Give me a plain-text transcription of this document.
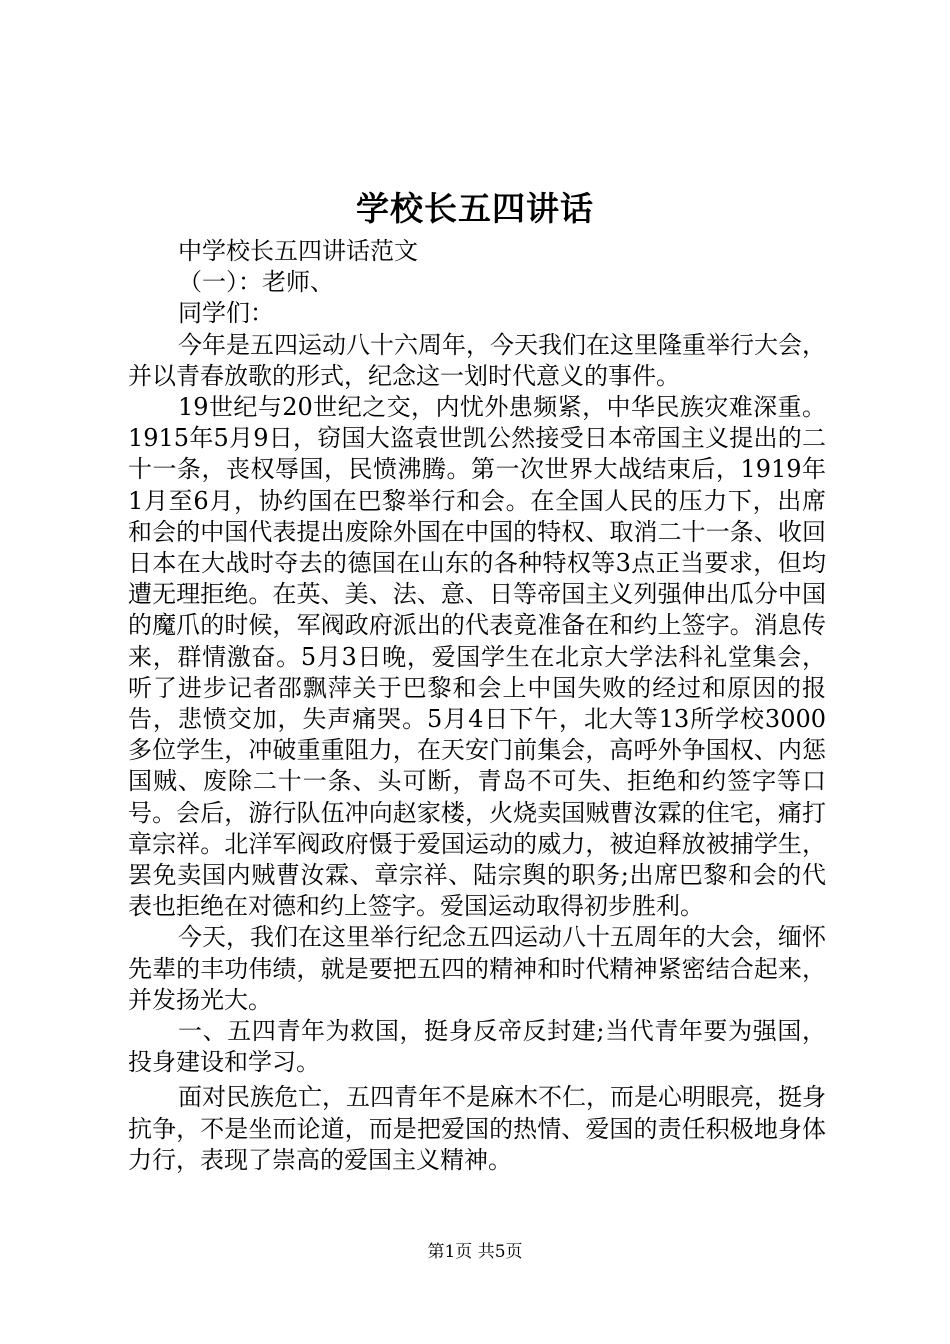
学校长五四讲话

中学校长五四讲话范文

（一）：老师、

同学们：

今年是五四运动八十六周年，今天我们在这里隆重举行大会，并以青春放歌的形式，纪念这一划时代意义的事件。

19世纪与20世纪之交，内忧外患频紧，中华民族灾难深重。1915年5月9日，窃国大盗袁世凯公然接受日本帝国主义提出的二十一条，丧权辱国，民愤沸腾。第一次世界大战结束后，1919年1月至6月，协约国在巴黎举行和会。在全国人民的压力下，出席和会的中国代表提出废除外国在中国的特权、取消二十一条、收回日本在大战时夺去的德国在山东的各种特权等3点正当要求，但均遭无理拒绝。在英、美、法、意、日等帝国主义列强伸出瓜分中国的魔爪的时候，军阀政府派出的代表竟准备在和约上签字。消息传来，群情激奋。5月3日晚，爱国学生在北京大学法科礼堂集会，听了进步记者邵飘萍关于巴黎和会上中国失败的经过和原因的报告，悲愤交加，失声痛哭。5月4日下午，北大等13所学校3000多位学生，冲破重重阻力，在天安门前集会，高呼外争国权、内惩国贼、废除二十一条、头可断，青岛不可失、拒绝和约签字等口号。会后，游行队伍冲向赵家楼，火烧卖国贼曹汝霖的住宅，痛打章宗祥。北洋军阀政府慑于爱国运动的威力，被迫释放被捕学生，罢免卖国内贼曹汝霖、章宗祥、陆宗舆的职务;出席巴黎和会的代表也拒绝在对德和约上签字。爱国运动取得初步胜利。

今天，我们在这里举行纪念五四运动八十五周年的大会，缅怀先辈的丰功伟绩，就是要把五四的精神和时代精神紧密结合起来，并发扬光大。

一、五四青年为救国，挺身反帝反封建;当代青年要为强国，投身建设和学习。

面对民族危亡，五四青年不是麻木不仁，而是心明眼亮，挺身抗争，不是坐而论道，而是把爱国的热情、爱国的责任积极地身体力行，表现了崇高的爱国主义精神。

第1页 共5页
